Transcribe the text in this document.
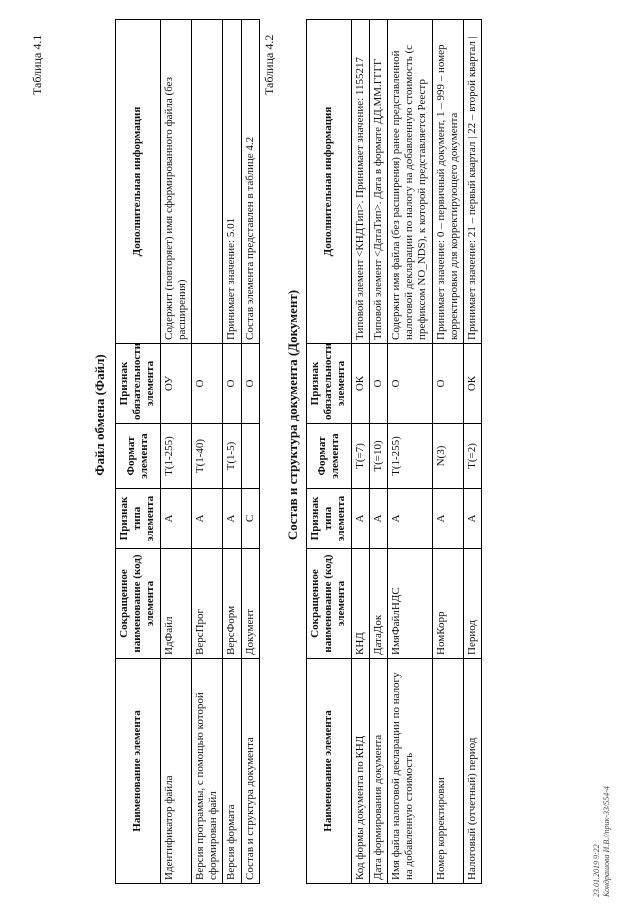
Таблица 4.1
Файл обмена (Файл)
Наименование элемента	Сокращенное наименование (код) элемента	Признак типа элемента	Формат элемента	Признак обязательности элемента	Дополнительная информация
Идентификатор файла	ИдФайл	А	T(1-255)	ОУ	Содержит (повторяет) имя сформированного файла (без расширения)
Версия программы, с помощью которой сформирован файл	ВерсПрог	А	T(1-40)	О	
Версия формата	ВерсФорм	А	T(1-5)	О	Принимает значение: 5.01
Состав и структура документа	Документ	С		О	Состав элемента представлен в таблице 4.2
Таблица 4.2
Состав и структура документа (Документ)
Наименование элемента	Сокращенное наименование (код) элемента	Признак типа элемента	Формат элемента	Признак обязательности элемента	Дополнительная информация
Код формы документа по КНД	КНД	А	T(=7)	ОК	Типовой элемент <КНДТип>. Принимает значение: 1155217
Дата формирования документа	ДатаДок	А	T(=10)	О	Типовой элемент <ДатаТип>. Дата в формате ДД.ММ.ГГГГ
Имя файла налоговой декларации по налогу на добавленную стоимость	ИмяФайлНДС	А	T(1-255)	О	Содержит имя файла (без расширения) ранее представленной налоговой декларации по налогу на добавленную стоимость (с префиксом NO_NDS), к которой представляется Реестр
Номер корректировки	НомКорр	А	N(3)	О	Принимает значение: 0 – первичный документ, 1 – 999 – номер корректировки для корректирующего документа
Налоговый (отчетный) период	Период	А	T(=2)	ОК	Принимает значение: 21 – первый квартал | 22 – второй квартал |
23.01.2019 9:22 Кондрашова И.В.//прик-33/554-4
